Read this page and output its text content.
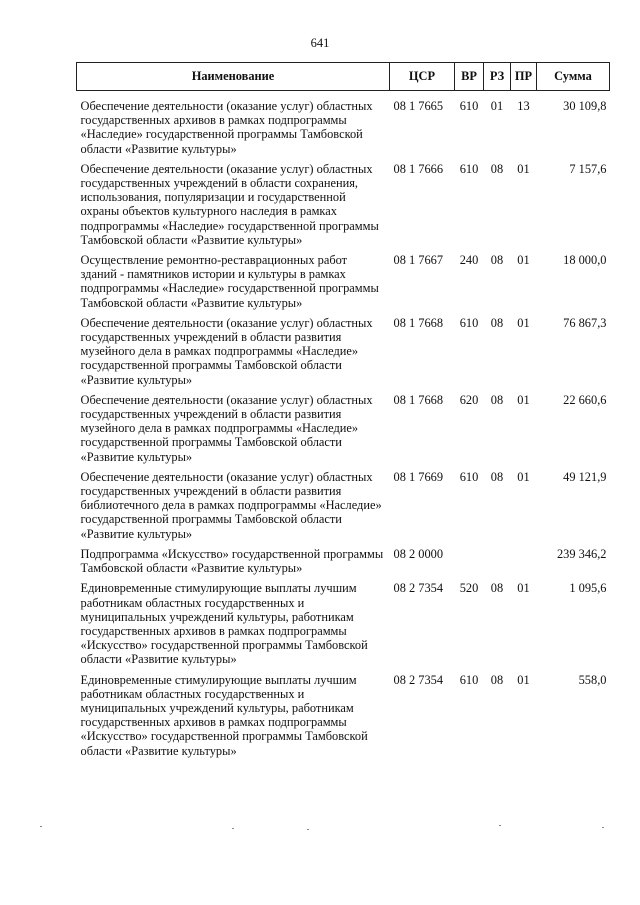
641
Наименование	ЦСР	ВР	РЗ	ПР	Сумма
Обеспечение деятельности (оказание услуг) областных государственных архивов в рамках подпрограммы «Наследие» государственной программы Тамбовской области «Развитие культуры»	08 1 7665	610	01	13	30 109,8
Обеспечение деятельности (оказание услуг) областных государственных учреждений в области сохранения, использования, популяризации и государственной охраны объектов культурного наследия в рамках подпрограммы «Наследие» государственной программы Тамбовской области «Развитие культуры»	08 1 7666	610	08	01	7 157,6
Осуществление ремонтно-реставрационных работ зданий - памятников истории и культуры в рамках подпрограммы «Наследие» государственной программы Тамбовской области «Развитие культуры»	08 1 7667	240	08	01	18 000,0
Обеспечение деятельности (оказание услуг) областных государственных учреждений в области развития музейного дела в рамках подпрограммы «Наследие» государственной программы Тамбовской области «Развитие культуры»	08 1 7668	610	08	01	76 867,3
Обеспечение деятельности (оказание услуг) областных государственных учреждений в области развития музейного дела в рамках подпрограммы «Наследие» государственной программы Тамбовской области «Развитие культуры»	08 1 7668	620	08	01	22 660,6
Обеспечение деятельности (оказание услуг) областных государственных учреждений в области развития библиотечного дела в рамках подпрограммы «Наследие» государственной программы Тамбовской области «Развитие культуры»	08 1 7669	610	08	01	49 121,9
Подпрограмма «Искусство» государственной программы Тамбовской области «Развитие культуры»	08 2 0000				239 346,2
Единовременные стимулирующие выплаты лучшим работникам областных государственных и муниципальных учреждений культуры, работникам государственных архивов в рамках подпрограммы «Искусство» государственной программы Тамбовской области «Развитие культуры»	08 2 7354	520	08	01	1 095,6
Единовременные стимулирующие выплаты лучшим работникам областных государственных и муниципальных учреждений культуры, работникам государственных архивов в рамках подпрограммы «Искусство» государственной программы Тамбовской области «Развитие культуры»	08 2 7354	610	08	01	558,0
